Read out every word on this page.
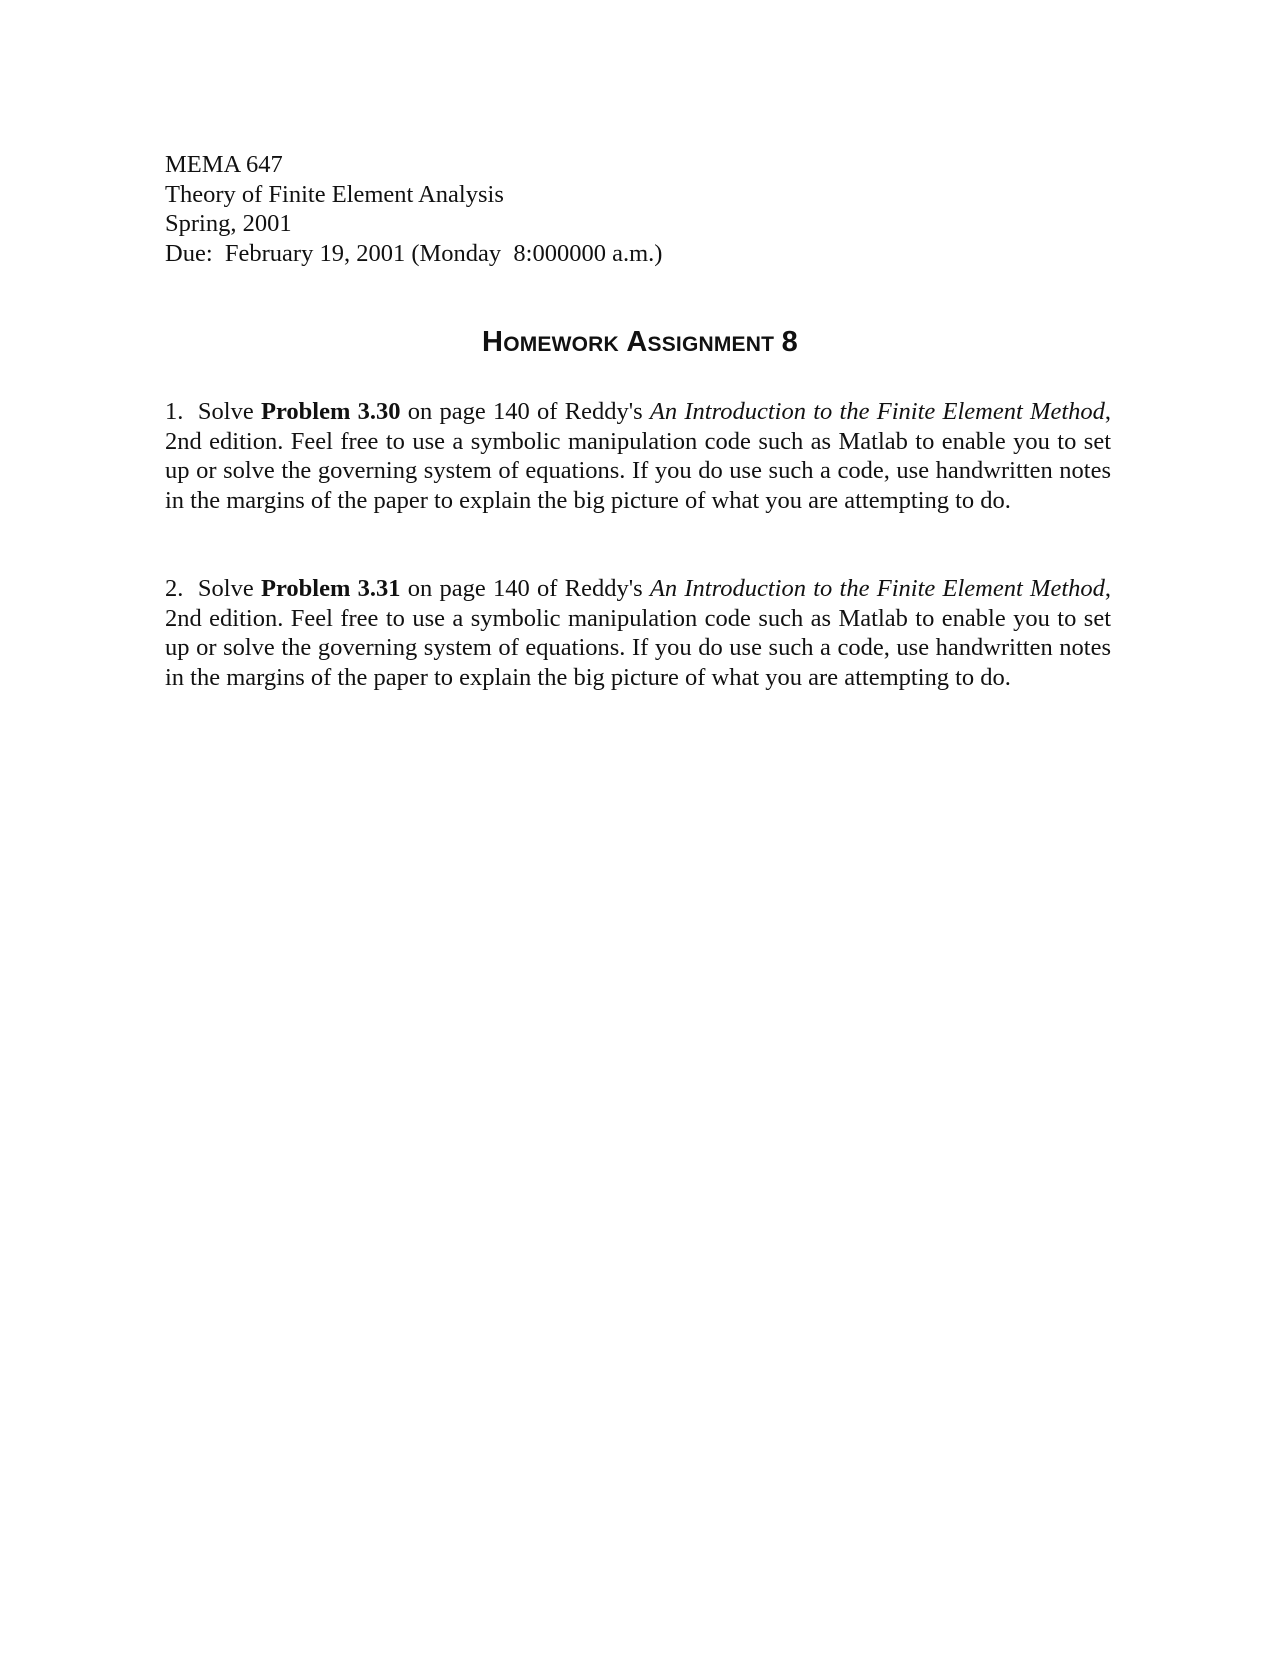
MEMA 647
Theory of Finite Element Analysis
Spring, 2001
Due:  February 19, 2001 (Monday  8:000000 a.m.)
HOMEWORK ASSIGNMENT 8
1. Solve Problem 3.30 on page 140 of Reddy's An Introduction to the Finite Element Method, 2nd edition. Feel free to use a symbolic manipulation code such as Matlab to enable you to set up or solve the governing system of equations. If you do use such a code, use handwritten notes in the margins of the paper to explain the big picture of what you are attempting to do.
2. Solve Problem 3.31 on page 140 of Reddy's An Introduction to the Finite Element Method, 2nd edition. Feel free to use a symbolic manipulation code such as Matlab to enable you to set up or solve the governing system of equations. If you do use such a code, use handwritten notes in the margins of the paper to explain the big picture of what you are attempting to do.
